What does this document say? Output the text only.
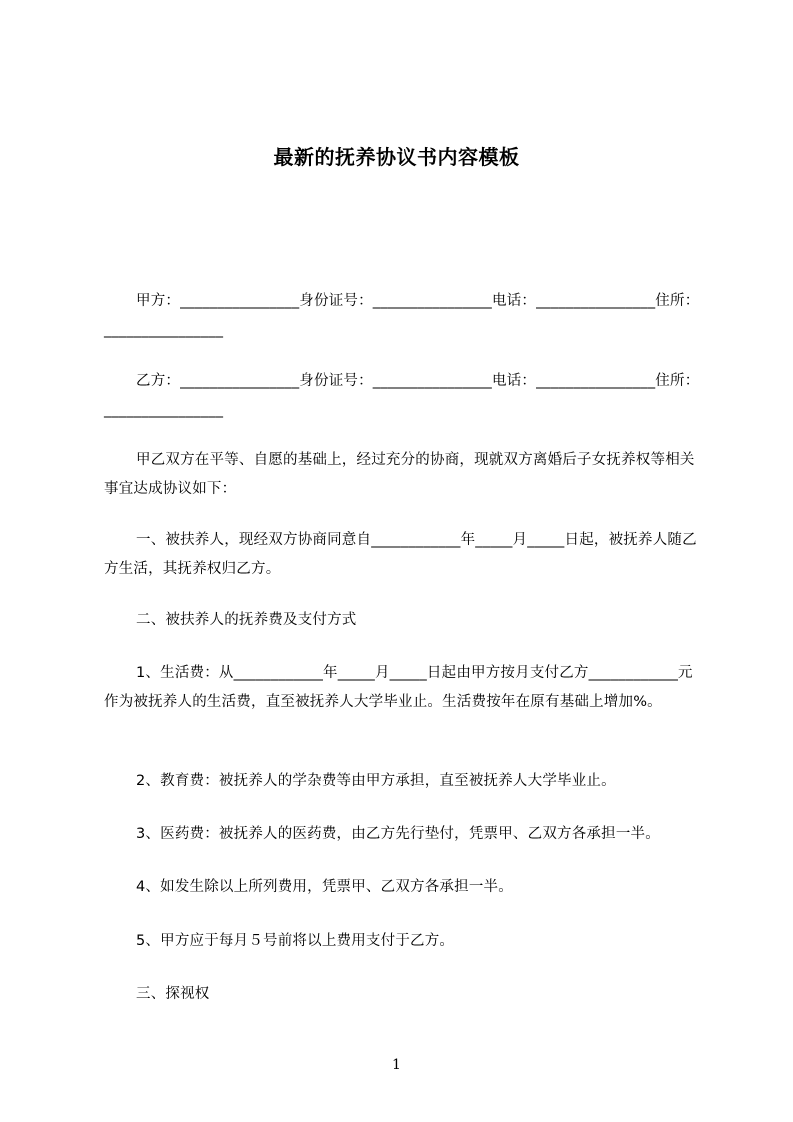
最新的抚养协议书内容模板

甲方：________________身份证号：________________电话：________________住所：________________

乙方：________________身份证号：________________电话：________________住所：________________

甲乙双方在平等、自愿的基础上，经过充分的协商，现就双方离婚后子女抚养权等相关事宜达成协议如下：

一、被扶养人，现经双方协商同意自____________年_____月_____日起，被抚养人随乙方生活，其抚养权归乙方。

二、被扶养人的抚养费及支付方式

1、生活费：从____________年_____月_____日起由甲方按月支付乙方____________元作为被抚养人的生活费，直至被抚养人大学毕业止。生活费按年在原有基础上增加%。

2、教育费：被抚养人的学杂费等由甲方承担，直至被抚养人大学毕业止。

3、医药费：被抚养人的医药费，由乙方先行垫付，凭票甲、乙双方各承担一半。

4、如发生除以上所列费用，凭票甲、乙双方各承担一半。

5、甲方应于每月５号前将以上费用支付于乙方。

三、探视权

1
